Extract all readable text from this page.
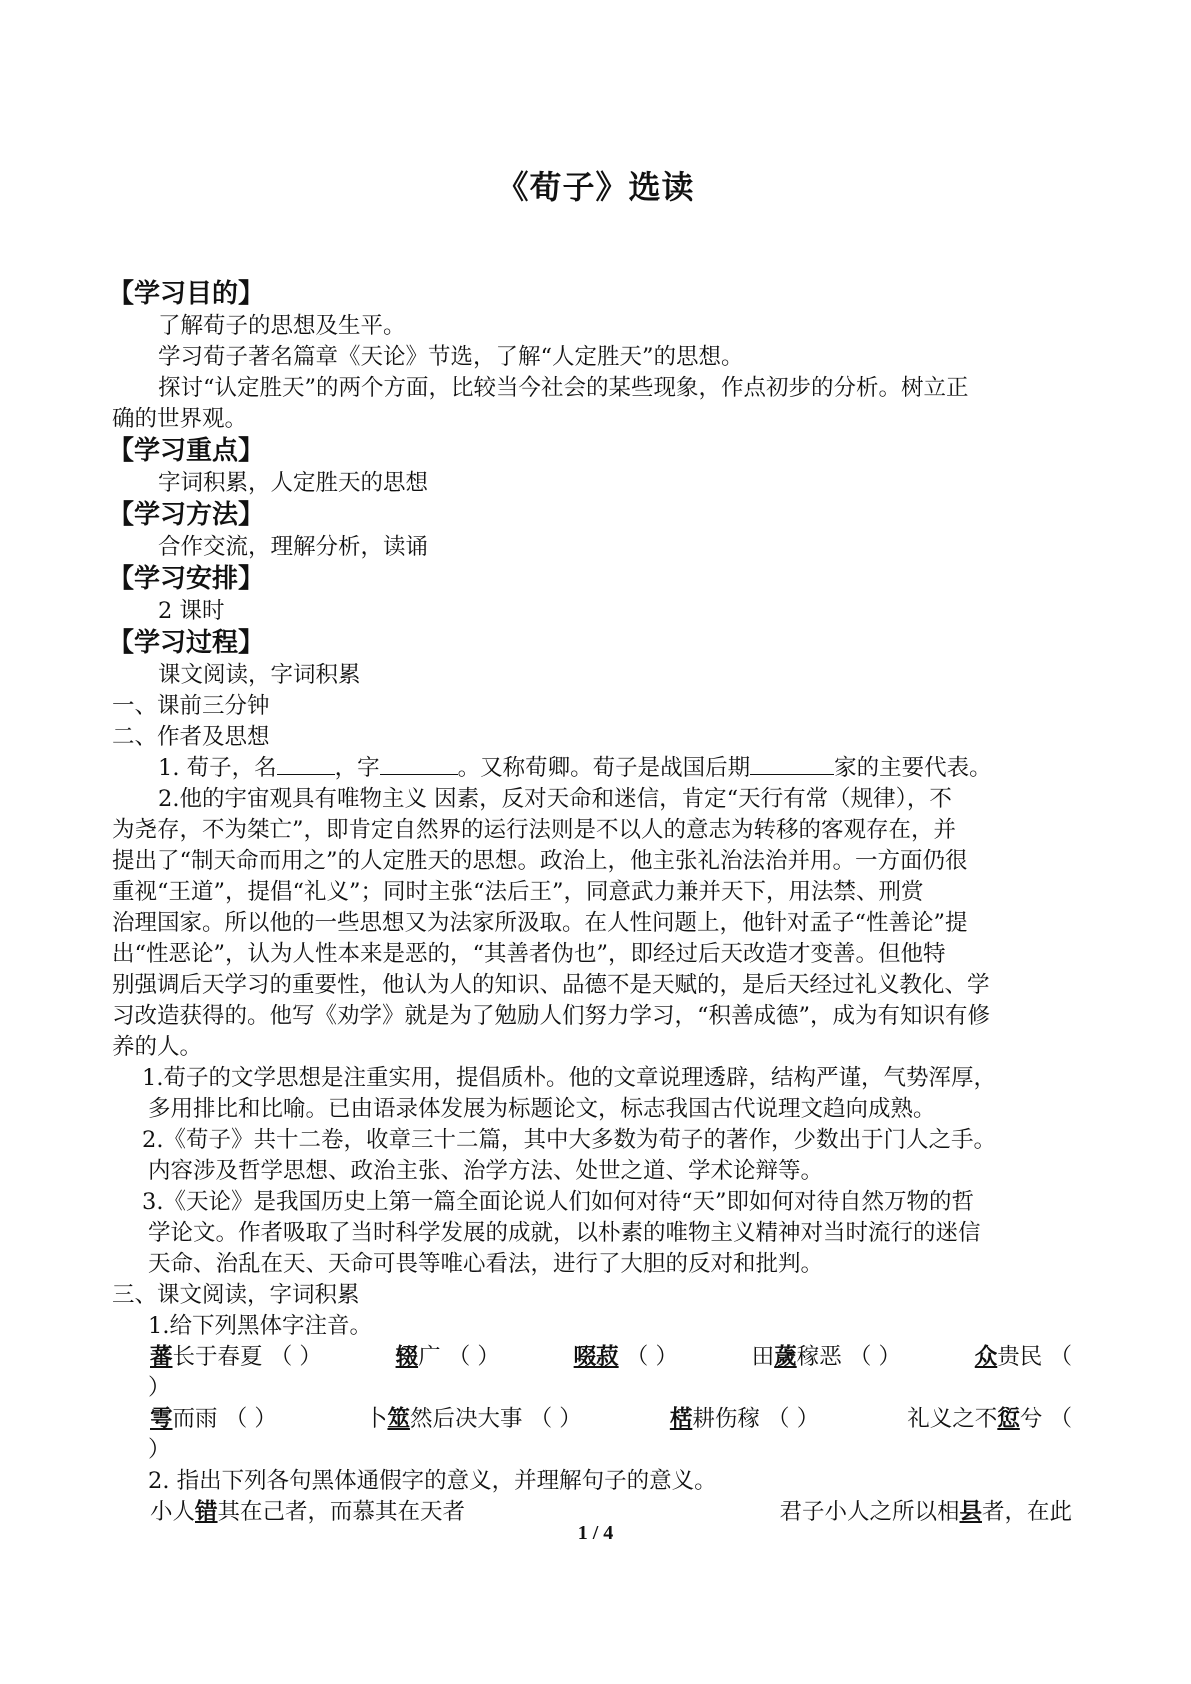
《荀子》选读
【学习目的】
了解荀子的思想及生平。
学习荀子著名篇章《天论》节选，了解“人定胜天”的思想。
探讨“认定胜天”的两个方面，比较当今社会的某些现象，作点初步的分析。树立正
确的世界观。
【学习重点】
字词积累，人定胜天的思想
【学习方法】
合作交流，理解分析，读诵
【学习安排】
2 课时
【学习过程】
课文阅读，字词积累
一、课前三分钟
二、作者及思想
1. 荀子，名	，字	。又称荀卿。荀子是战国后期	家的主要代表。
2.他的宇宙观具有唯物主义 因素，反对天命和迷信，肯定“天行有常（规律），不
为尧存，不为桀亡”，即肯定自然界的运行法则是不以人的意志为转移的客观存在，并
提出了“制天命而用之”的人定胜天的思想。政治上，他主张礼治法治并用。一方面仍很
重视“王道”，提倡“礼义”；同时主张“法后王”，同意武力兼并天下，用法禁、刑赏
治理国家。所以他的一些思想又为法家所汲取。在人性问题上，他针对孟子“性善论”提
出“性恶论”，认为人性本来是恶的，“其善者伪也”，即经过后天改造才变善。但他特
别强调后天学习的重要性，他认为人的知识、品德不是天赋的，是后天经过礼义教化、学
习改造获得的。他写《劝学》就是为了勉励人们努力学习，“积善成德”，成为有知识有修
养的人。
1.荀子的文学思想是注重实用，提倡质朴。他的文章说理透辟，结构严谨，气势浑厚，
多用排比和比喻。已由语录体发展为标题论文，标志我国古代说理文趋向成熟。
2.《荀子》共十二卷，收章三十二篇，其中大多数为荀子的著作，少数出于门人之手。
内容涉及哲学思想、政治主张、治学方法、处世之道、学术论辩等。
3.《天论》是我国历史上第一篇全面论说人们如何对待“天”即如何对待自然万物的哲
学论文。作者吸取了当时科学发展的成就，以朴素的唯物主义精神对当时流行的迷信
天命、治乱在天、天命可畏等唯心看法，进行了大胆的反对和批判。
三、课文阅读，字词积累
1.给下列黑体字注音。
蕃长于春夏 （ ）	辍广 （ ）	啜菽 （ ）	田薉稼恶 （ ）	众贵民 （
）
雩而雨 （ ）	卜筮然后决大事 （ ）	楛耕伤稼 （ ）	礼义之不愆兮 （
）
2. 指出下列各句黑体通假字的意义，并理解句子的意义。
小人错其在己者，而慕其在天者	君子小人之所以相县者，在此
1 / 4
